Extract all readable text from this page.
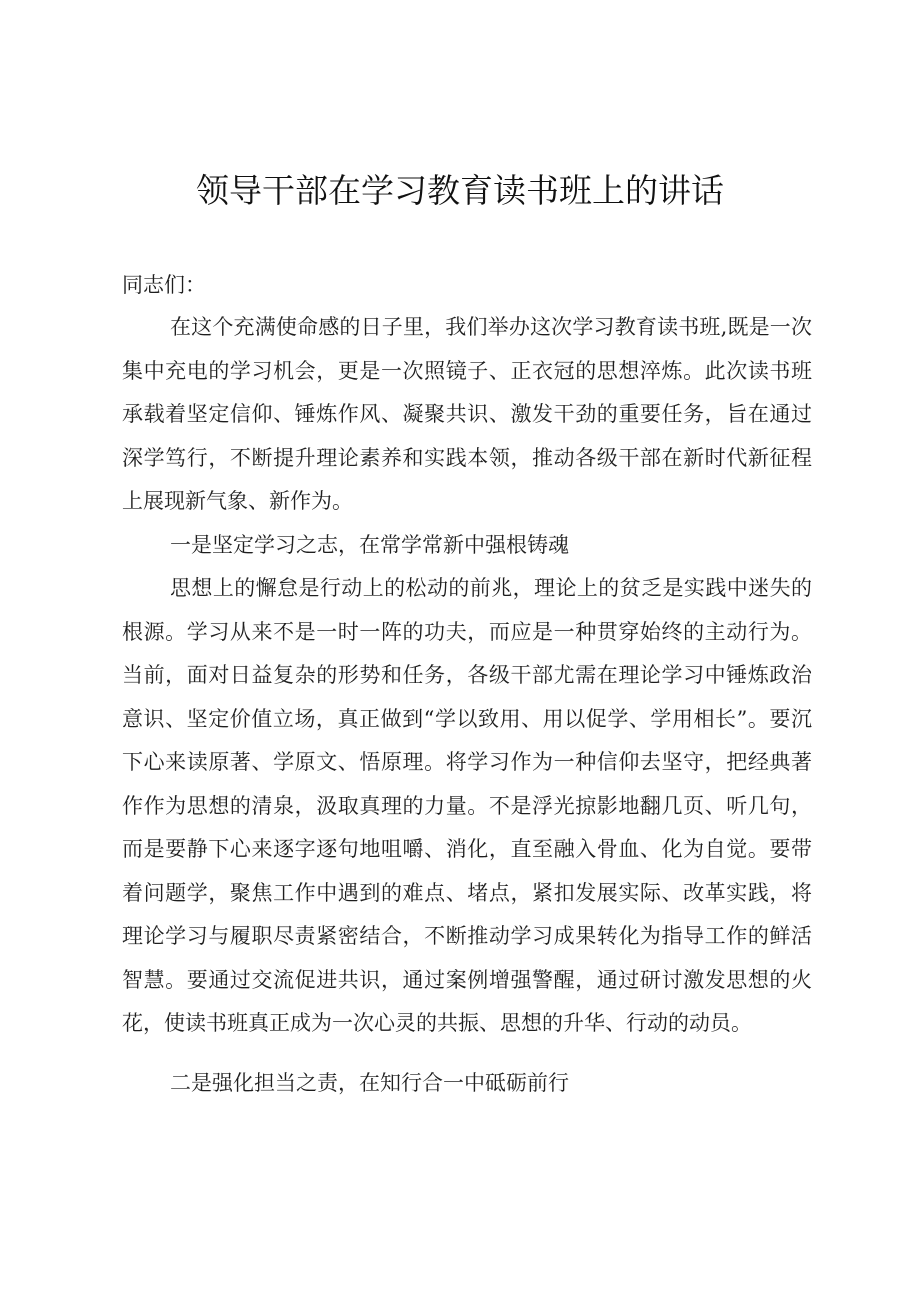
领导干部在学习教育读书班上的讲话
同志们：

在这个充满使命感的日子里，我们举办这次学习教育读书班,既是一次集中充电的学习机会，更是一次照镜子、正衣冠的思想淬炼。此次读书班承载着坚定信仰、锤炼作风、凝聚共识、激发干劲的重要任务，旨在通过深学笃行，不断提升理论素养和实践本领，推动各级干部在新时代新征程上展现新气象、新作为。

一是坚定学习之志，在常学常新中强根铸魂

思想上的懈怠是行动上的松动的前兆，理论上的贫乏是实践中迷失的根源。学习从来不是一时一阵的功夫，而应是一种贯穿始终的主动行为。当前，面对日益复杂的形势和任务，各级干部尤需在理论学习中锤炼政治意识、坚定价值立场，真正做到“学以致用、用以促学、学用相长”。要沉下心来读原著、学原文、悟原理。将学习作为一种信仰去坚守，把经典著作作为思想的清泉，汲取真理的力量。不是浮光掠影地翻几页、听几句，而是要静下心来逐字逐句地咀嚼、消化，直至融入骨血、化为自觉。要带着问题学，聚焦工作中遇到的难点、堵点，紧扣发展实际、改革实践，将理论学习与履职尽责紧密结合，不断推动学习成果转化为指导工作的鲜活智慧。要通过交流促进共识，通过案例增强警醒，通过研讨激发思想的火花，使读书班真正成为一次心灵的共振、思想的升华、行动的动员。

二是强化担当之责，在知行合一中砥砺前行
